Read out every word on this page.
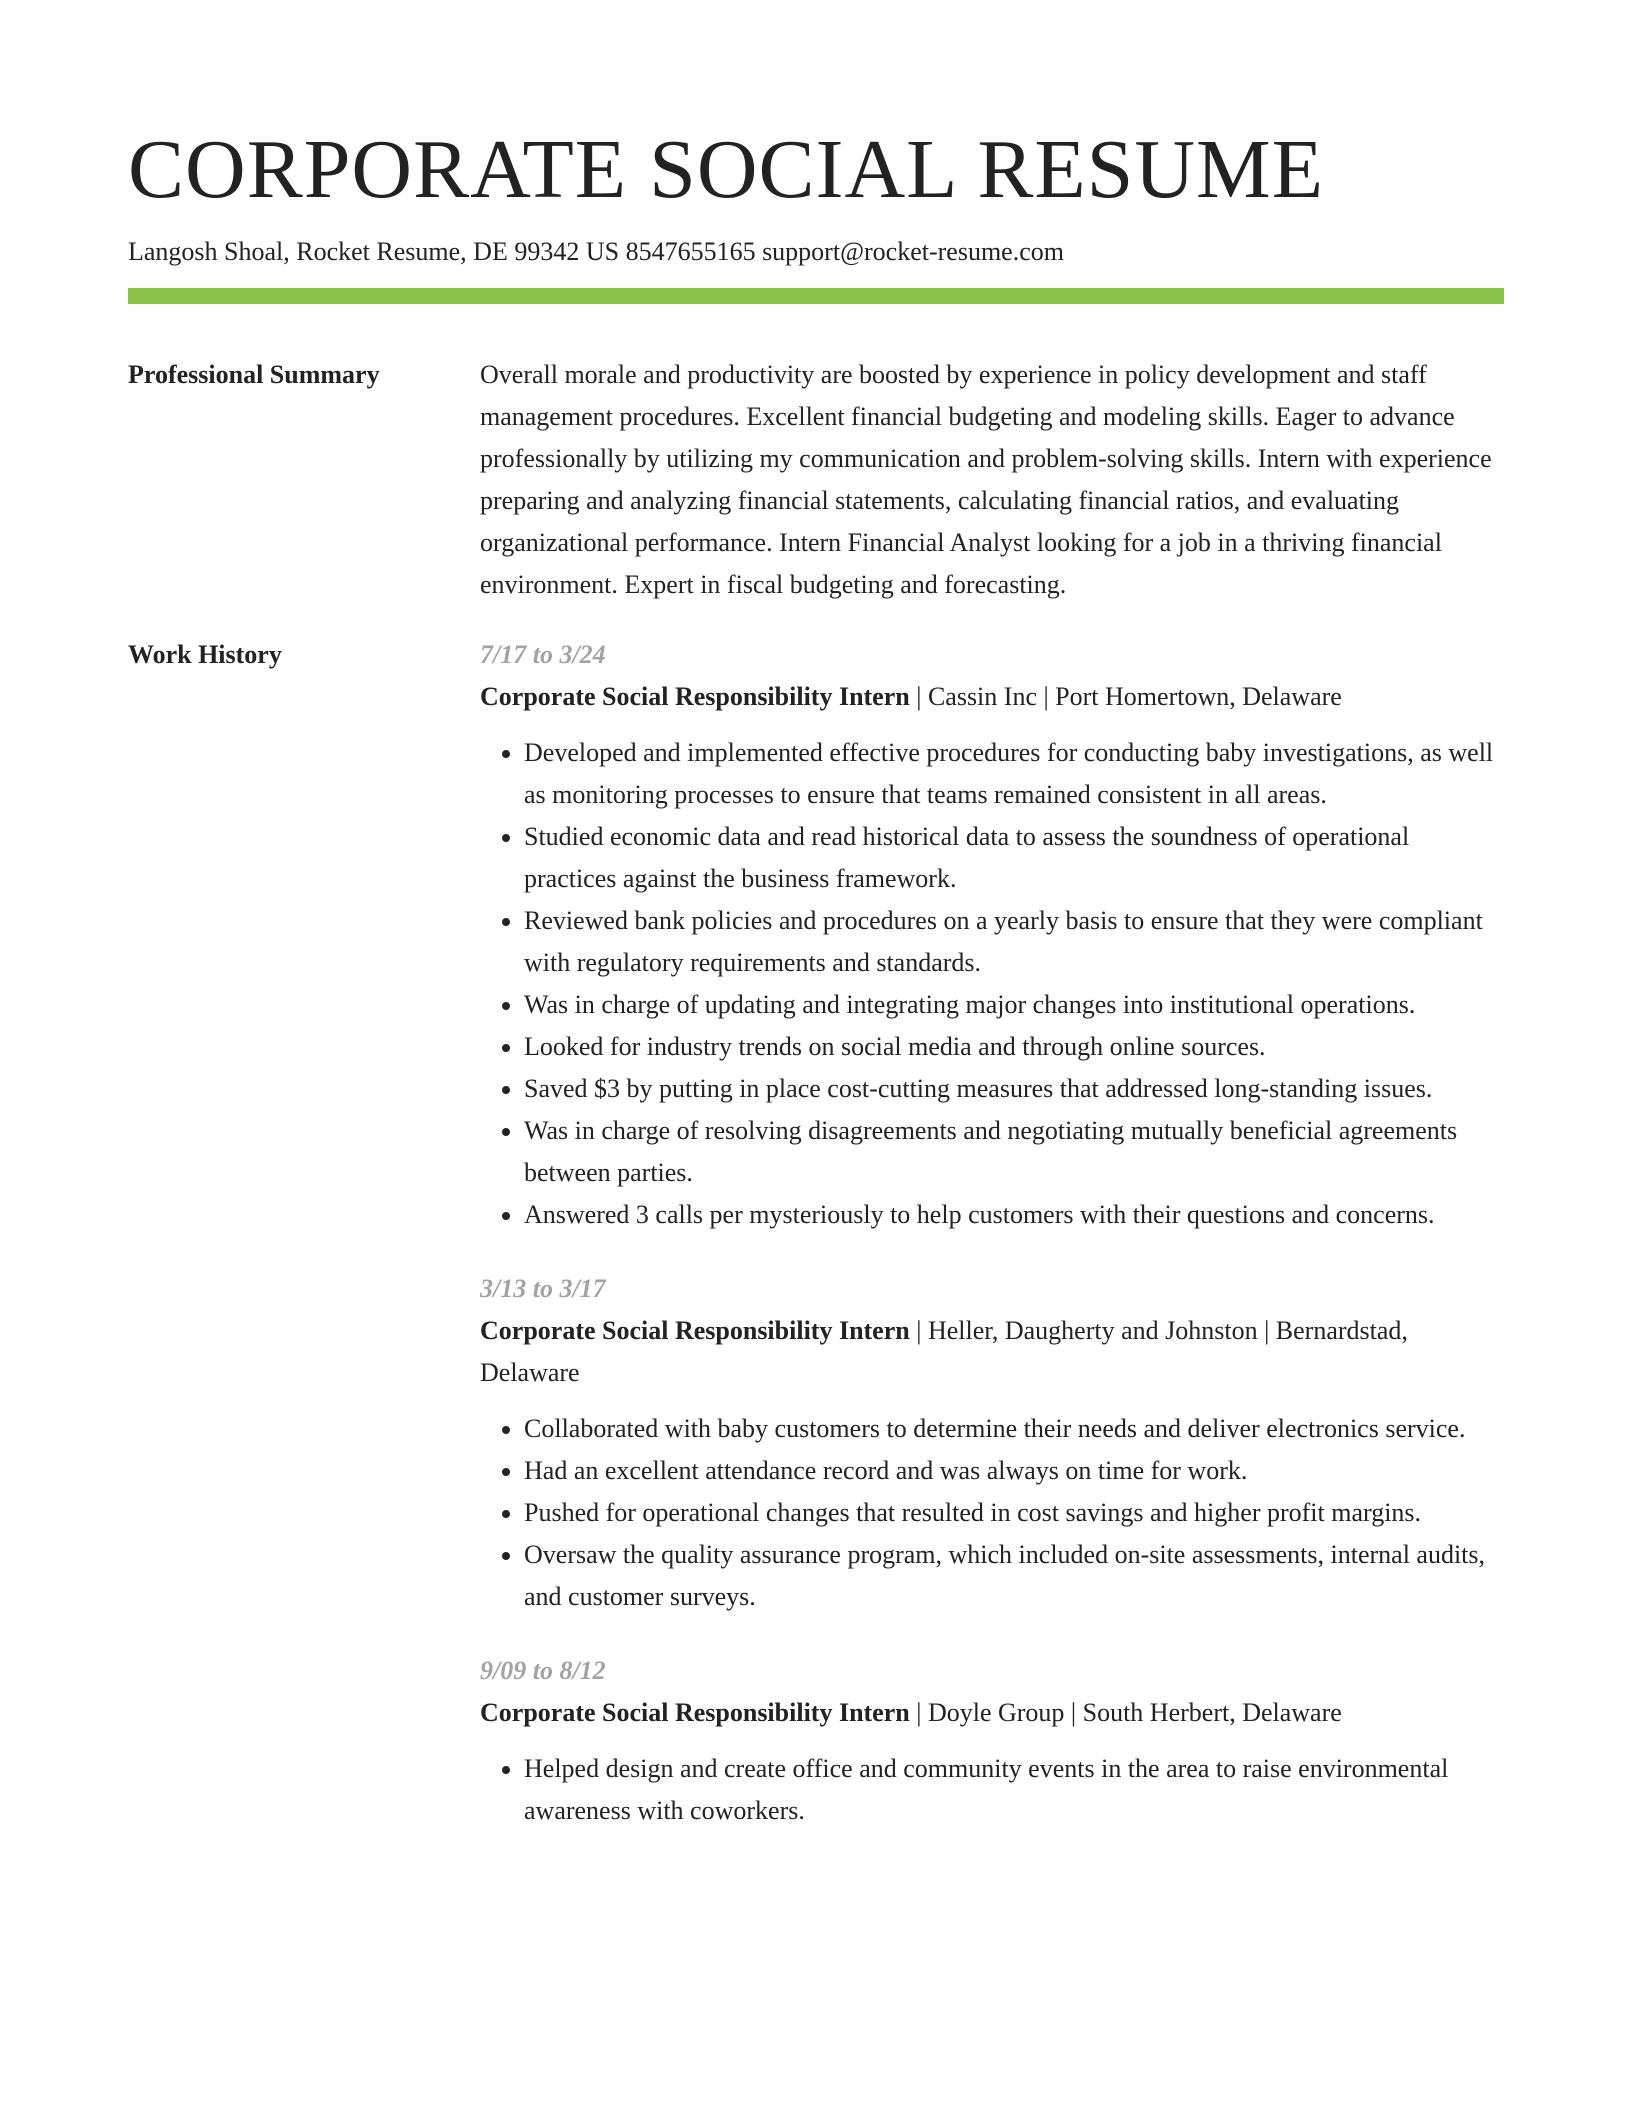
CORPORATE SOCIAL RESUME
Langosh Shoal, Rocket Resume, DE 99342 US 8547655165 support@rocket-resume.com
Professional Summary	Overall morale and productivity are boosted by experience in policy development and staff management procedures. Excellent financial budgeting and modeling skills. Eager to advance professionally by utilizing my communication and problem-solving skills. Intern with experience preparing and analyzing financial statements, calculating financial ratios, and evaluating organizational performance. Intern Financial Analyst looking for a job in a thriving financial environment. Expert in fiscal budgeting and forecasting.

Work History	7/17 to 3/24
Corporate Social Responsibility Intern | Cassin Inc | Port Homertown, Delaware
• Developed and implemented effective procedures for conducting baby investigations, as well as monitoring processes to ensure that teams remained consistent in all areas.
• Studied economic data and read historical data to assess the soundness of operational practices against the business framework.
• Reviewed bank policies and procedures on a yearly basis to ensure that they were compliant with regulatory requirements and standards.
• Was in charge of updating and integrating major changes into institutional operations.
• Looked for industry trends on social media and through online sources.
• Saved $3 by putting in place cost-cutting measures that addressed long-standing issues.
• Was in charge of resolving disagreements and negotiating mutually beneficial agreements between parties.
• Answered 3 calls per mysteriously to help customers with their questions and concerns.
3/13 to 3/17
Corporate Social Responsibility Intern | Heller, Daugherty and Johnston | Bernardstad, Delaware
• Collaborated with baby customers to determine their needs and deliver electronics service.
• Had an excellent attendance record and was always on time for work.
• Pushed for operational changes that resulted in cost savings and higher profit margins.
• Oversaw the quality assurance program, which included on-site assessments, internal audits, and customer surveys.
9/09 to 8/12
Corporate Social Responsibility Intern | Doyle Group | South Herbert, Delaware
• Helped design and create office and community events in the area to raise environmental awareness with coworkers.
